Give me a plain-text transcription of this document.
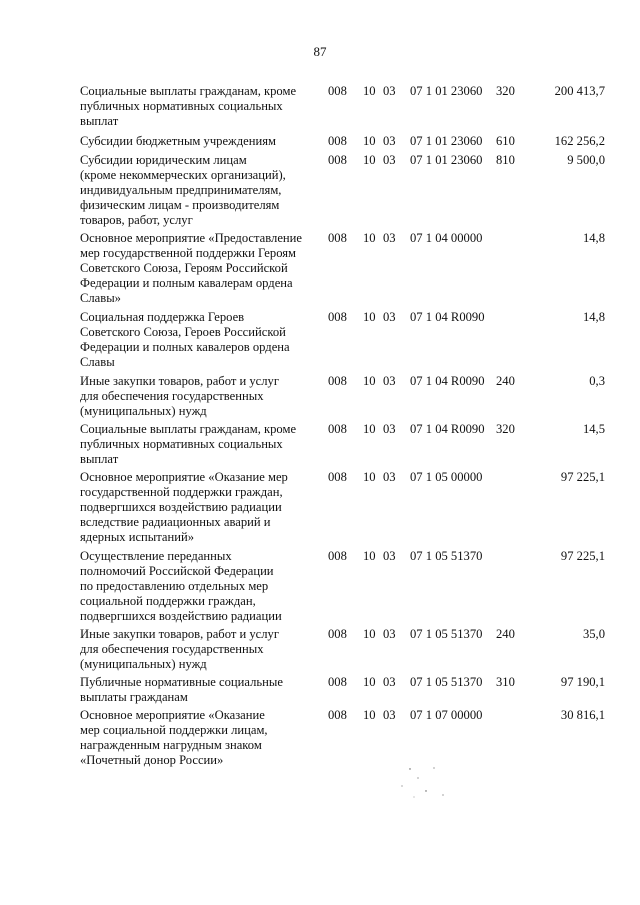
87
Социальные выплаты гражданам, кроме
публичных нормативных социальных
выплат
008 10 03 07 1 01 23060 320	200 413,7
Субсидии бюджетным учреждениям	008 10 03 07 1 01 23060 610	162 256,2
Субсидии юридическим лицам
(кроме некоммерческих организаций),
индивидуальным предпринимателям,
физическим лицам - производителям
товаров, работ, услуг
008 10 03 07 1 01 23060 810	9 500,0
Основное мероприятие «Предоставление
мер государственной поддержки Героям
Советского Союза, Героям Российской
Федерации и полным кавалерам ордена
Славы»
008 10 03 07 1 04 00000	14,8
Социальная поддержка Героев
Советского Союза, Героев Российской
Федерации и полных кавалеров ордена
Славы
008 10 03 07 1 04 R0090	14,8
Иные закупки товаров, работ и услуг
для обеспечения государственных
(муниципальных) нужд
008 10 03 07 1 04 R0090 240	0,3
Социальные выплаты гражданам, кроме
публичных нормативных социальных
выплат
008 10 03 07 1 04 R0090 320	14,5
Основное мероприятие «Оказание мер
государственной поддержки граждан,
подвергшихся воздействию радиации
вследствие радиационных аварий и
ядерных испытаний»
008 10 03 07 1 05 00000	97 225,1
Осуществление переданных
полномочий Российской Федерации
по предоставлению отдельных мер
социальной поддержки граждан,
подвергшихся воздействию радиации
008 10 03 07 1 05 51370	97 225,1
Иные закупки товаров, работ и услуг
для обеспечения государственных
(муниципальных) нужд
008 10 03 07 1 05 51370 240	35,0
Публичные нормативные социальные
выплаты гражданам
008 10 03 07 1 05 51370 310	97 190,1
Основное мероприятие «Оказание
мер социальной поддержки лицам,
награжденным нагрудным знаком
«Почетный донор России»
008 10 03 07 1 07 00000	30 816,1
